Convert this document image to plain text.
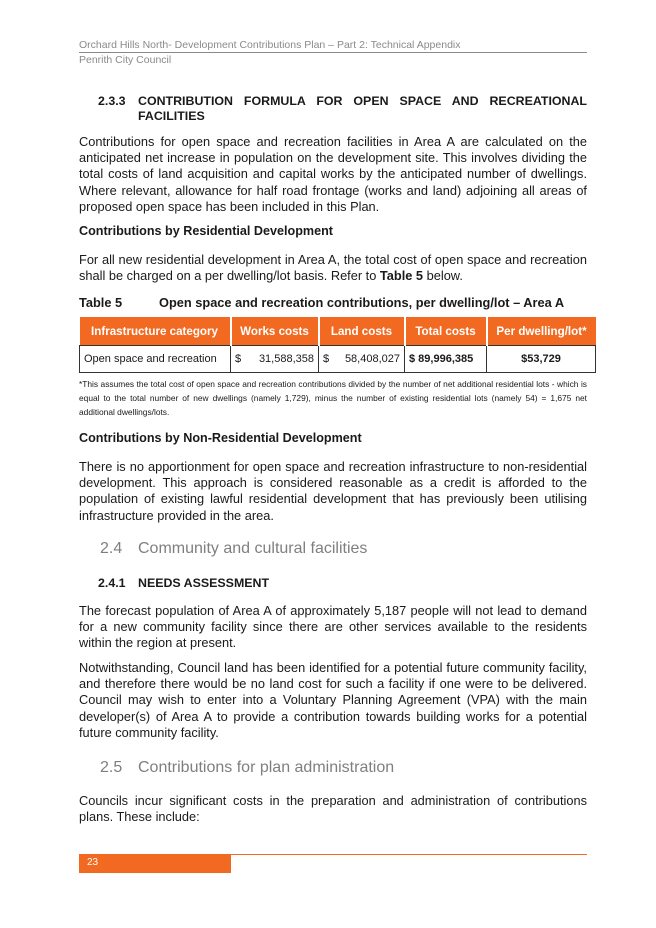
Orchard Hills North- Development Contributions Plan – Part 2: Technical Appendix
Penrith City Council
2.3.3	CONTRIBUTION FORMULA FOR OPEN SPACE AND RECREATIONAL FACILITIES
Contributions for open space and recreation facilities in Area A are calculated on the anticipated net increase in population on the development site. This involves dividing the total costs of land acquisition and capital works by the anticipated number of dwellings. Where relevant, allowance for half road frontage (works and land) adjoining all areas of proposed open space has been included in this Plan.
Contributions by Residential Development
For all new residential development in Area A, the total cost of open space and recreation shall be charged on a per dwelling/lot basis. Refer to Table 5 below.
Table 5	Open space and recreation contributions, per dwelling/lot – Area A
Infrastructure category	Works costs	Land costs	Total costs	Per dwelling/lot*
Open space and recreation	$ 31,588,358	$ 58,408,027	$ 89,996,385	$53,729
*This assumes the total cost of open space and recreation contributions divided by the number of net additional residential lots - which is equal to the total number of new dwellings (namely 1,729), minus the number of existing residential lots (namely 54) = 1,675 net additional dwellings/lots.
Contributions by Non-Residential Development
There is no apportionment for open space and recreation infrastructure to non-residential development. This approach is considered reasonable as a credit is afforded to the population of existing lawful residential development that has previously been utilising infrastructure provided in the area.
2.4 Community and cultural facilities
2.4.1	NEEDS ASSESSMENT
The forecast population of Area A of approximately 5,187 people will not lead to demand for a new community facility since there are other services available to the residents within the region at present.
Notwithstanding, Council land has been identified for a potential future community facility, and therefore there would be no land cost for such a facility if one were to be delivered. Council may wish to enter into a Voluntary Planning Agreement (VPA) with the main developer(s) of Area A to provide a contribution towards building works for a potential future community facility.
2.5 Contributions for plan administration
Councils incur significant costs in the preparation and administration of contributions plans. These include:
23
